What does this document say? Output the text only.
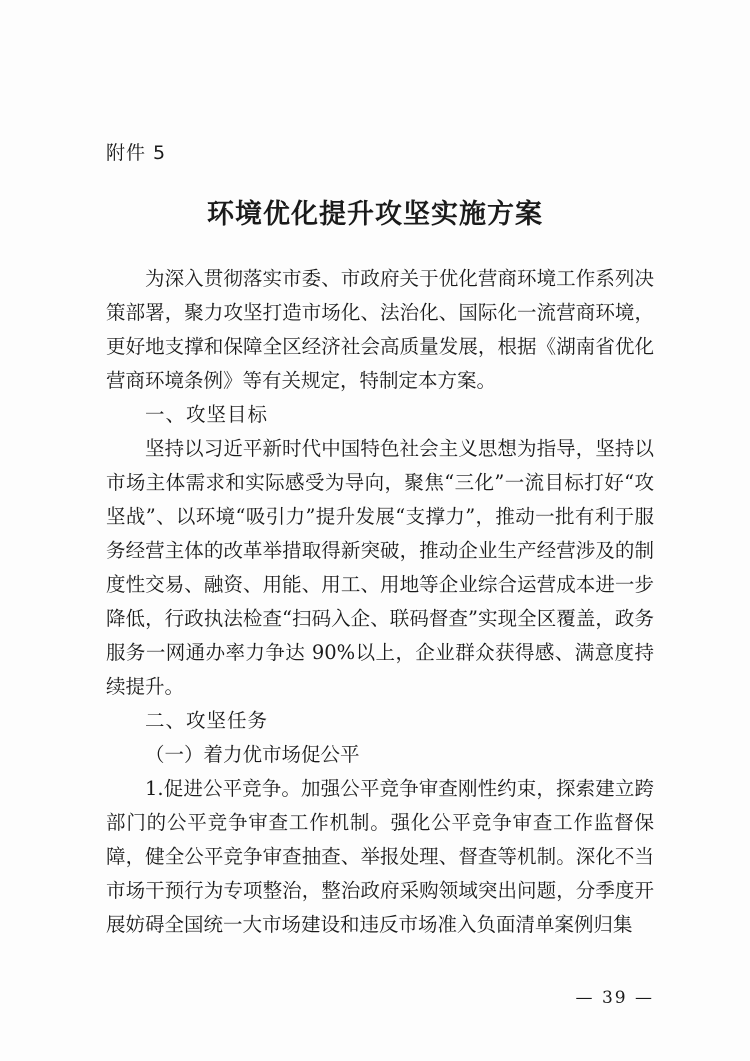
附件 5
环境优化提升攻坚实施方案

为深入贯彻落实市委、市政府关于优化营商环境工作系列决策部署，聚力攻坚打造市场化、法治化、国际化一流营商环境，更好地支撑和保障全区经济社会高质量发展，根据《湖南省优化营商环境条例》等有关规定，特制定本方案。

一、攻坚目标

坚持以习近平新时代中国特色社会主义思想为指导，坚持以市场主体需求和实际感受为导向，聚焦“三化”一流目标打好“攻坚战”、以环境“吸引力”提升发展“支撑力”，推动一批有利于服务经营主体的改革举措取得新突破，推动企业生产经营涉及的制度性交易、融资、用能、用工、用地等企业综合运营成本进一步降低，行政执法检查“扫码入企、联码督查”实现全区覆盖，政务服务一网通办率力争达 90%以上，企业群众获得感、满意度持续提升。

二、攻坚任务
（一）着力优市场促公平

1.促进公平竞争。加强公平竞争审查刚性约束，探索建立跨部门的公平竞争审查工作机制。强化公平竞争审查工作监督保障，健全公平竞争审查抽查、举报处理、督查等机制。深化不当市场干预行为专项整治，整治政府采购领域突出问题，分季度开展妨碍全国统一大市场建设和违反市场准入负面清单案例归集

— 39 —
